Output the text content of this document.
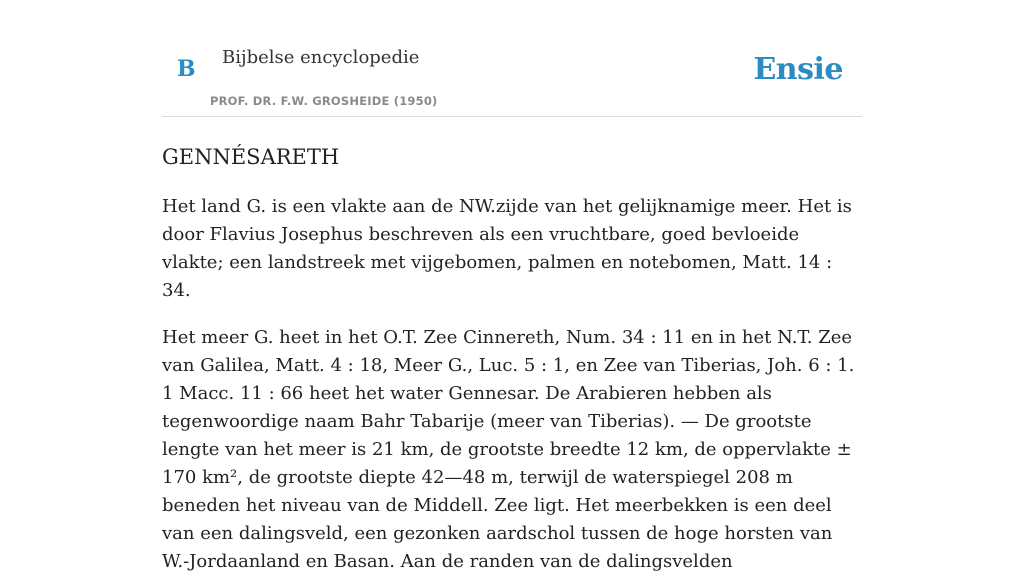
B Bijbelse encyclopedie
PROF. DR. F.W. GROSHEIDE (1950)
Ensie
GENNÉSARETH

Het land G. is een vlakte aan de NW.zijde van het gelijknamige meer. Het is door Flavius Josephus beschreven als een vruchtbare, goed bevloeide vlakte; een landstreek met vijgebomen, palmen en notebomen, Matt. 14 : 34.

Het meer G. heet in het O.T. Zee Cinnereth, Num. 34 : 11 en in het N.T. Zee van Galilea, Matt. 4 : 18, Meer G., Luc. 5 : 1, en Zee van Tiberias, Joh. 6 : 1. 1 Macc. 11 : 66 heet het water Gennesar. De Arabieren hebben als tegenwoordige naam Bahr Tabarije (meer van Tiberias). — De grootste lengte van het meer is 21 km, de grootste breedte 12 km, de oppervlakte ± 170 km², de grootste diepte 42—48 m, terwijl de waterspiegel 208 m beneden het niveau van de Middell. Zee ligt. Het meerbekken is een deel van een dalingsveld, een gezonken aardschol tussen de hoge horsten van W.-Jordaanland en Basan. Aan de randen van de dalingsvelden
